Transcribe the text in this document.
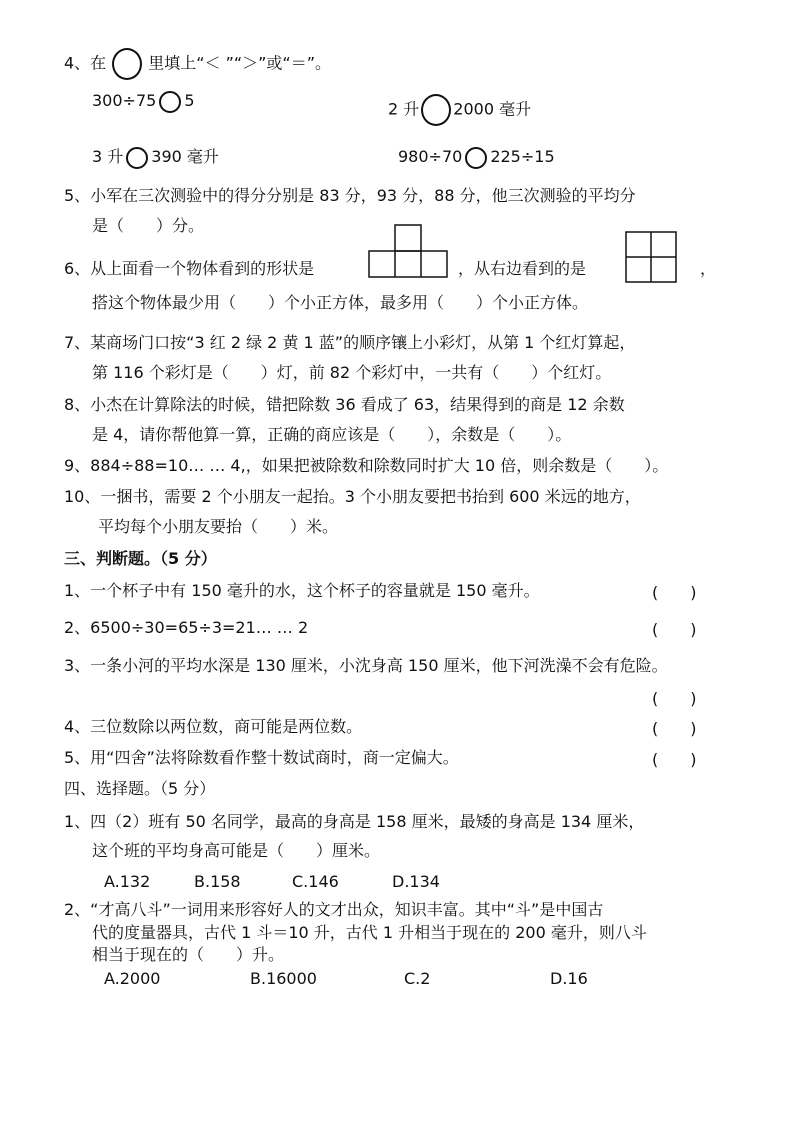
4、在	里填上“＜ ”“＞”或“＝”。
300÷75 5	2 升 2000 毫升
3 升 390 毫升	980÷70 225÷15
5、小军在三次测验中的得分分别是 83 分，93 分，88 分，他三次测验的平均分
是（　　）分。
6、从上面看一个物体看到的形状是	，从右边看到的是	，
搭这个物体最少用（　　）个小正方体，最多用（　　）个小正方体。
7、某商场门口按“3 红 2 绿 2 黄 1 蓝”的顺序镶上小彩灯，从第 1 个红灯算起，
第 116 个彩灯是（　　）灯，前 82 个彩灯中，一共有（　　）个红灯。
8、小杰在计算除法的时候，错把除数 36 看成了 63，结果得到的商是 12 余数
是 4，请你帮他算一算，正确的商应该是（　　），余数是（　　）。
9、884÷88=10… … 4,，如果把被除数和除数同时扩大 10 倍，则余数是（　　）。
10、一捆书，需要 2 个小朋友一起抬。3 个小朋友要把书抬到 600 米远的地方，
平均每个小朋友要抬（　　）米。
三、判断题。（5 分）
1、一个杯子中有 150 毫升的水，这个杯子的容量就是 150 毫升。	(　　)
2、6500÷30=65÷3=21… … 2	(　　)
3、一条小河的平均水深是 130 厘米，小沈身高 150 厘米，他下河洗澡不会有危险。
(　　)
4、三位数除以两位数，商可能是两位数。	(　　)
5、用“四舍”法将除数看作整十数试商时，商一定偏大。	(　　)
四、选择题。（5 分）
1、四（2）班有 50 名同学，最高的身高是 158 厘米，最矮的身高是 134 厘米，
这个班的平均身高可能是（　　）厘米。
A.132	B.158	C.146	D.134
2、“才高八斗”一词用来形容好人的文才出众，知识丰富。其中“斗”是中国古
代的度量器具，古代 1 斗＝10 升，古代 1 升相当于现在的 200 毫升，则八斗
相当于现在的（　　）升。
A.2000	B.16000	C.2	D.16
